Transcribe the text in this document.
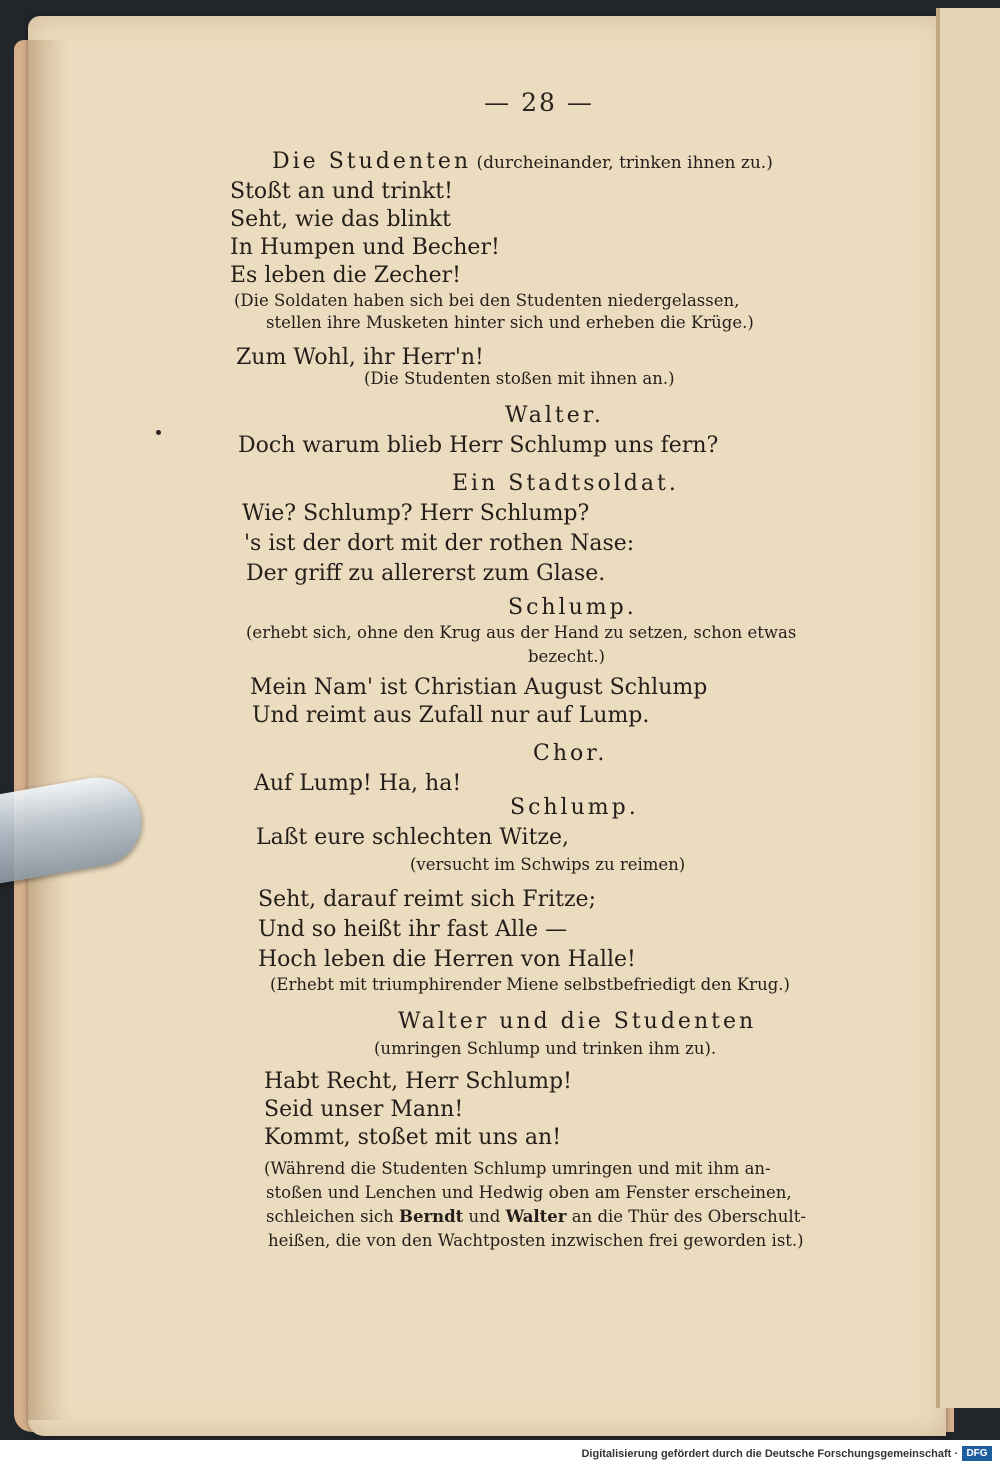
— 28 —
Die Studenten (durcheinander, trinken ihnen zu.)
Stoßt an und trinkt!
Seht, wie das blinkt
In Humpen und Becher!
Es leben die Zecher!
(Die Soldaten haben sich bei den Studenten niedergelassen,
stellen ihre Musketen hinter sich und erheben die Krüge.)
Zum Wohl, ihr Herr'n!
(Die Studenten stoßen mit ihnen an.)
Walter.
Doch warum blieb Herr Schlump uns fern?
Ein Stadtsoldat.
Wie? Schlump? Herr Schlump?
's ist der dort mit der rothen Nase:
Der griff zu allererst zum Glase.
Schlump.
(erhebt sich, ohne den Krug aus der Hand zu setzen, schon etwas
bezecht.)
Mein Nam' ist Christian August Schlump
Und reimt aus Zufall nur auf Lump.
Chor.
Auf Lump! Ha, ha!
Schlump.
Laßt eure schlechten Witze,
(versucht im Schwips zu reimen)
Seht, darauf reimt sich Fritze;
Und so heißt ihr fast Alle —
Hoch leben die Herren von Halle!
(Erhebt mit triumphirender Miene selbstbefriedigt den Krug.)
Walter und die Studenten
(umringen Schlump und trinken ihm zu).
Habt Recht, Herr Schlump!
Seid unser Mann!
Kommt, stoßet mit uns an!
(Während die Studenten Schlump umringen und mit ihm an-
stoßen und Lenchen und Hedwig oben am Fenster erscheinen,
schleichen sich Berndt und Walter an die Thür des Oberschult-
heißen, die von den Wachtposten inzwischen frei geworden ist.)
Digitalisierung gefördert durch die Deutsche Forschungsgemeinschaft · DFG
